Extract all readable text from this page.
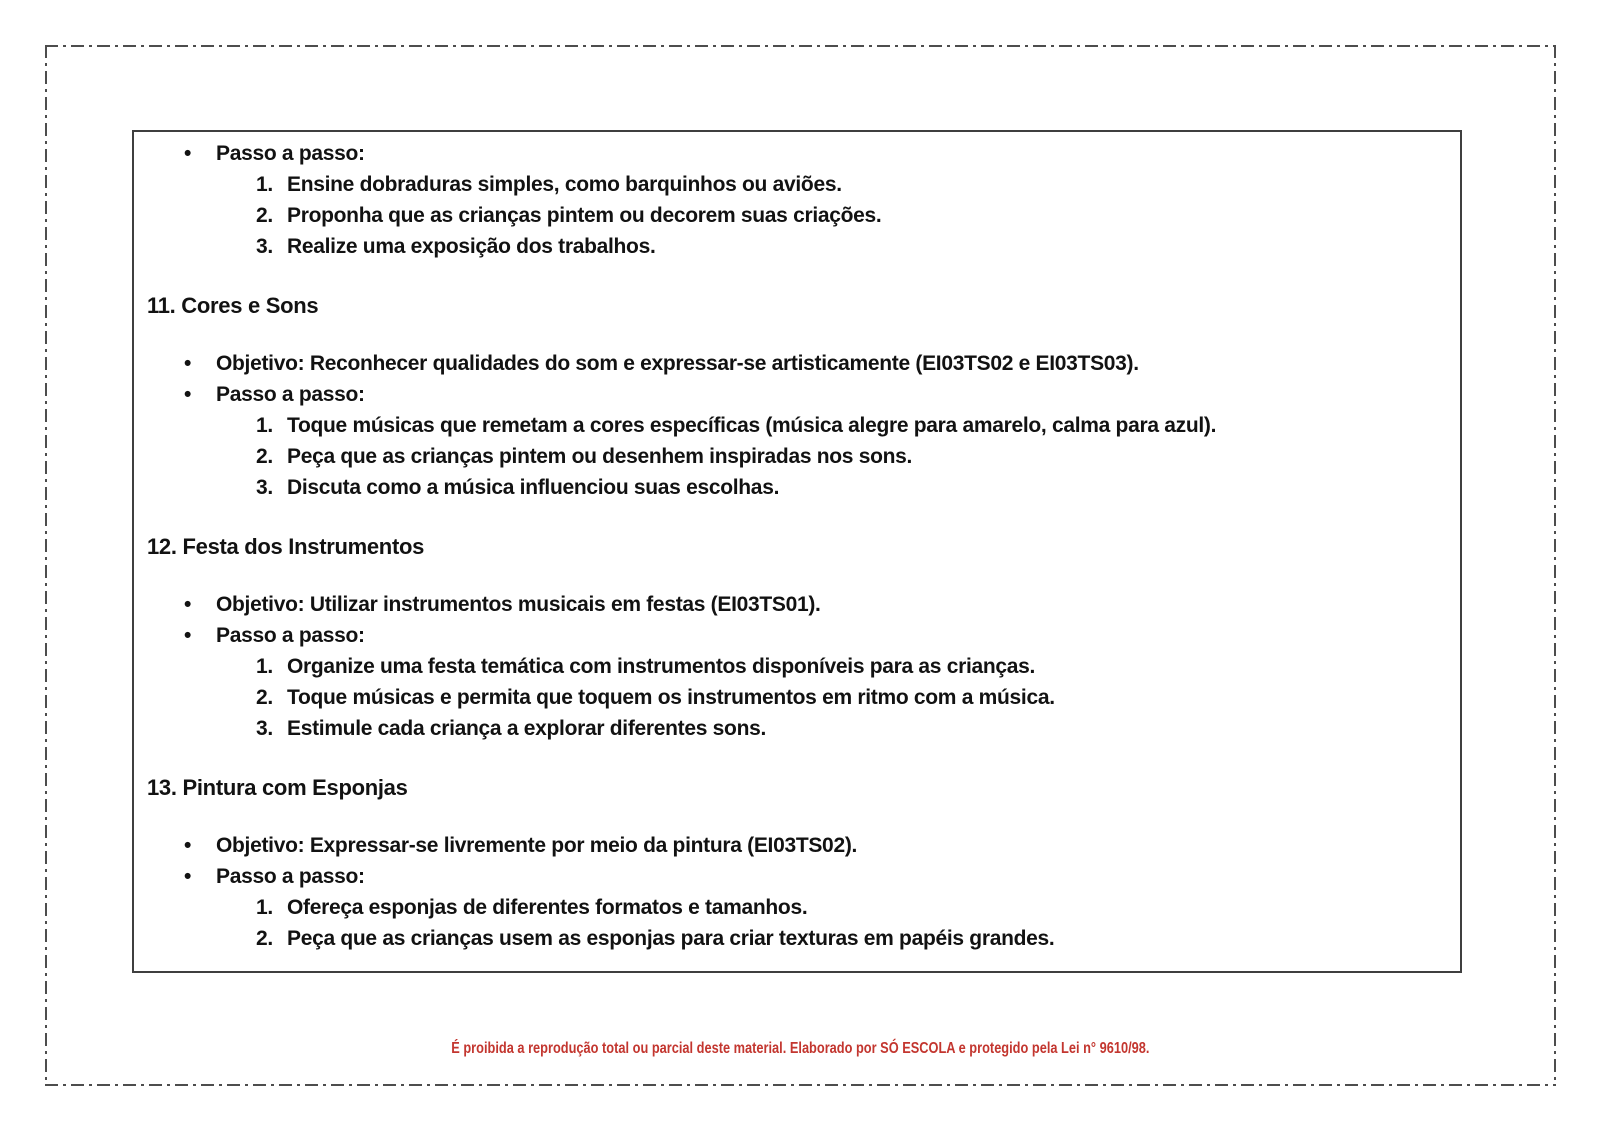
• Passo a passo:
1. Ensine dobraduras simples, como barquinhos ou aviões.
2. Proponha que as crianças pintem ou decorem suas criações.
3. Realize uma exposição dos trabalhos.
11. Cores e Sons
• Objetivo: Reconhecer qualidades do som e expressar-se artisticamente (EI03TS02 e EI03TS03).
• Passo a passo:
1. Toque músicas que remetam a cores específicas (música alegre para amarelo, calma para azul).
2. Peça que as crianças pintem ou desenhem inspiradas nos sons.
3. Discuta como a música influenciou suas escolhas.
12. Festa dos Instrumentos
• Objetivo: Utilizar instrumentos musicais em festas (EI03TS01).
• Passo a passo:
1. Organize uma festa temática com instrumentos disponíveis para as crianças.
2. Toque músicas e permita que toquem os instrumentos em ritmo com a música.
3. Estimule cada criança a explorar diferentes sons.
13. Pintura com Esponjas
• Objetivo: Expressar-se livremente por meio da pintura (EI03TS02).
• Passo a passo:
1. Ofereça esponjas de diferentes formatos e tamanhos.
2. Peça que as crianças usem as esponjas para criar texturas em papéis grandes.
É proibida a reprodução total ou parcial deste material. Elaborado por SÓ ESCOLA e protegido pela Lei n° 9610/98.
